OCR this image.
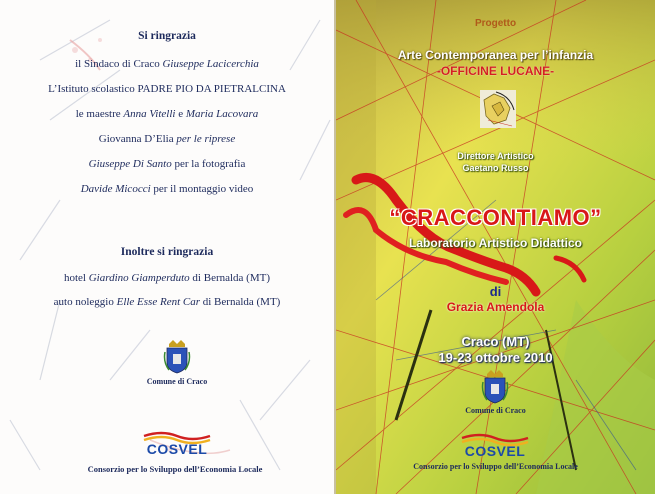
Si ringrazia
il Sindaco di Craco Giuseppe Lacicerchia
L’Istituto scolastico PADRE PIO DA PIETRALCINA
le maestre Anna Vitelli e Maria Lacovara
Giovanna D’Elia per le riprese
Giuseppe Di Santo per la fotografia
Davide Micocci per il montaggio video
Inoltre si ringrazia
hotel Giardino Giamperduto di Bernalda (MT)
auto noleggio Elle Esse Rent Car di Bernalda (MT)
Comune di Craco
COSVEL
Consorzio per lo Sviluppo dell’Economia Locale
Progetto
Arte Contemporanea per l’infanzia
-OFFICINE LUCANE-
Direttore Artistico
Gaetano Russo
“CRACCONTIAMO”
Laboratorio Artistico Didattico
di
Grazia Amendola
Craco (MT)
19-23 ottobre 2010
Comune di Craco
COSVEL
Consorzio per lo Sviluppo dell’Economia Locale
